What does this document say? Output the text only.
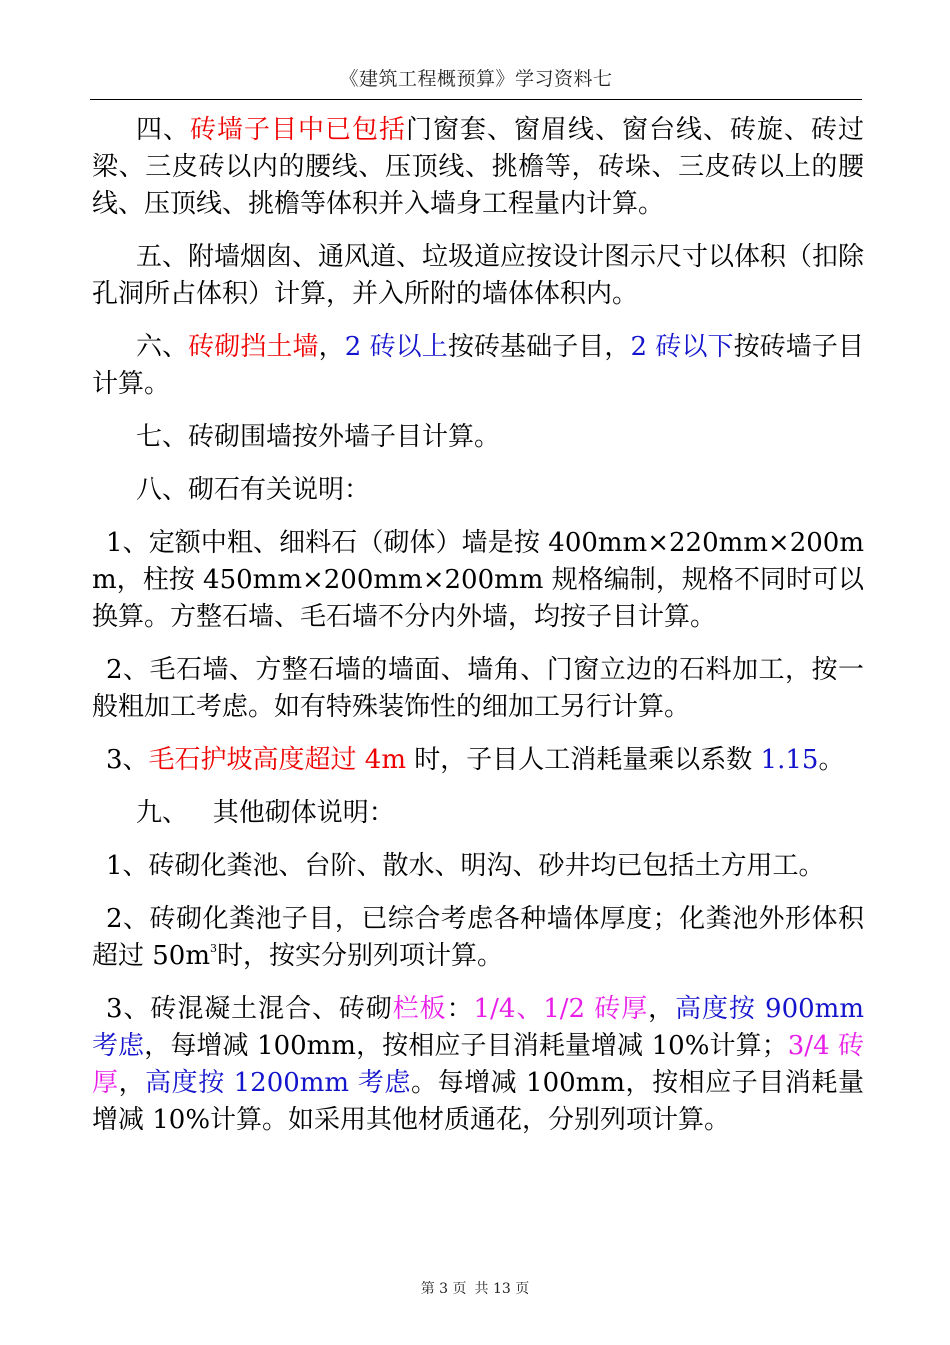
《建筑工程概预算》学习资料七

四、砖墙子目中已包括门窗套、窗眉线、窗台线、砖旋、砖过梁、三皮砖以内的腰线、压顶线、挑檐等，砖垛、三皮砖以上的腰线、压顶线、挑檐等体积并入墙身工程量内计算。

五、附墙烟囱、通风道、垃圾道应按设计图示尺寸以体积（扣除孔洞所占体积）计算，并入所附的墙体体积内。

六、砖砌挡土墙，2 砖以上按砖基础子目，2 砖以下按砖墙子目计算。

七、砖砌围墙按外墙子目计算。

八、砌石有关说明：

1、定额中粗、细料石（砌体）墙是按 400mm×220mm×200mm，柱按 450mm×200mm×200mm 规格编制，规格不同时可以换算。方整石墙、毛石墙不分内外墙，均按子目计算。

2、毛石墙、方整石墙的墙面、墙角、门窗立边的石料加工，按一般粗加工考虑。如有特殊装饰性的细加工另行计算。

3、毛石护坡高度超过 4m 时，子目人工消耗量乘以系数 1.15。

九、   其他砌体说明：

1、砖砌化粪池、台阶、散水、明沟、砂井均已包括土方用工。

2、砖砌化粪池子目，已综合考虑各种墙体厚度；化粪池外形体积超过 $50m^3$时，按实分别列项计算。

3、砖混凝土混合、砖砌栏板：1/4、1/2 砖厚，高度按 900mm 考虑，每增减 100mm，按相应子目消耗量增减 10%计算；3/4 砖厚，高度按 1200mm 考虑。每增减 100mm，按相应子目消耗量增减 10%计算。如采用其他材质通花，分别列项计算。

第 3 页 共 13 页
